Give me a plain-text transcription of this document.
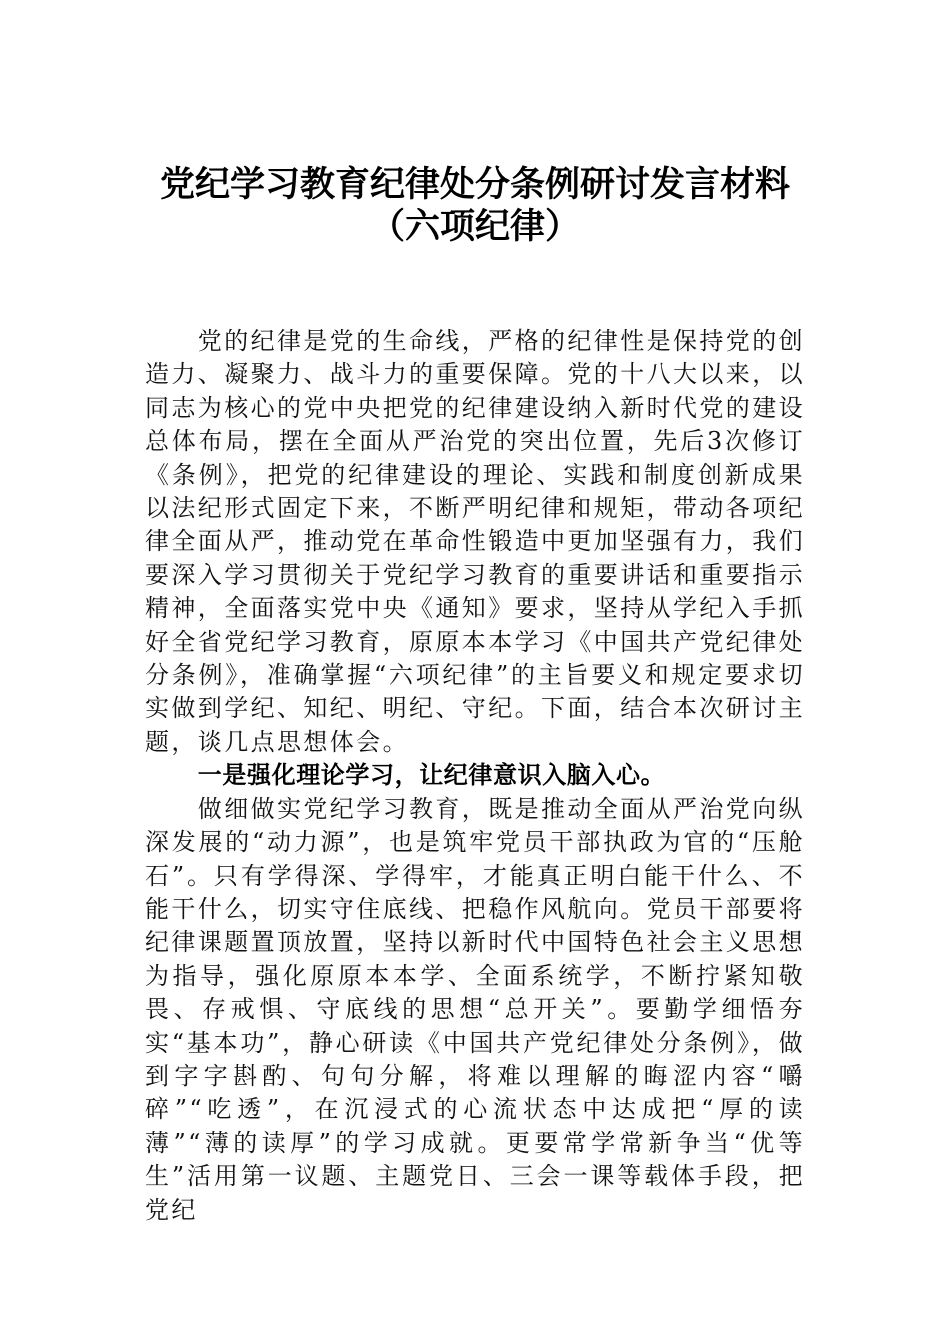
党纪学习教育纪律处分条例研讨发言材料
（六项纪律）

党的纪律是党的生命线，严格的纪律性是保持党的创造力、凝聚力、战斗力的重要保障。党的十八大以来，以同志为核心的党中央把党的纪律建设纳入新时代党的建设总体布局，摆在全面从严治党的突出位置，先后3次修订《条例》，把党的纪律建设的理论、实践和制度创新成果以法纪形式固定下来，不断严明纪律和规矩，带动各项纪律全面从严，推动党在革命性锻造中更加坚强有力，我们要深入学习贯彻关于党纪学习教育的重要讲话和重要指示精神，全面落实党中央《通知》要求，坚持从学纪入手抓好全省党纪学习教育，原原本本学习《中国共产党纪律处分条例》，准确掌握“六项纪律”的主旨要义和规定要求切实做到学纪、知纪、明纪、守纪。下面，结合本次研讨主题，谈几点思想体会。

一是强化理论学习，让纪律意识入脑入心。

做细做实党纪学习教育，既是推动全面从严治党向纵深发展的“动力源”，也是筑牢党员干部执政为官的“压舱石”。只有学得深、学得牢，才能真正明白能干什么、不能干什么，切实守住底线、把稳作风航向。党员干部要将纪律课题置顶放置，坚持以新时代中国特色社会主义思想为指导，强化原原本本学、全面系统学，不断拧紧知敬畏、存戒惧、守底线的思想“总开关”。要勤学细悟夯实“基本功”，静心研读《中国共产党纪律处分条例》，做到字字斟酌、句句分解，将难以理解的晦涩内容“嚼碎”“吃透”，在沉浸式的心流状态中达成把“厚的读薄”“薄的读厚”的学习成就。更要常学常新争当“优等生”活用第一议题、主题党日、三会一课等载体手段，把党纪
